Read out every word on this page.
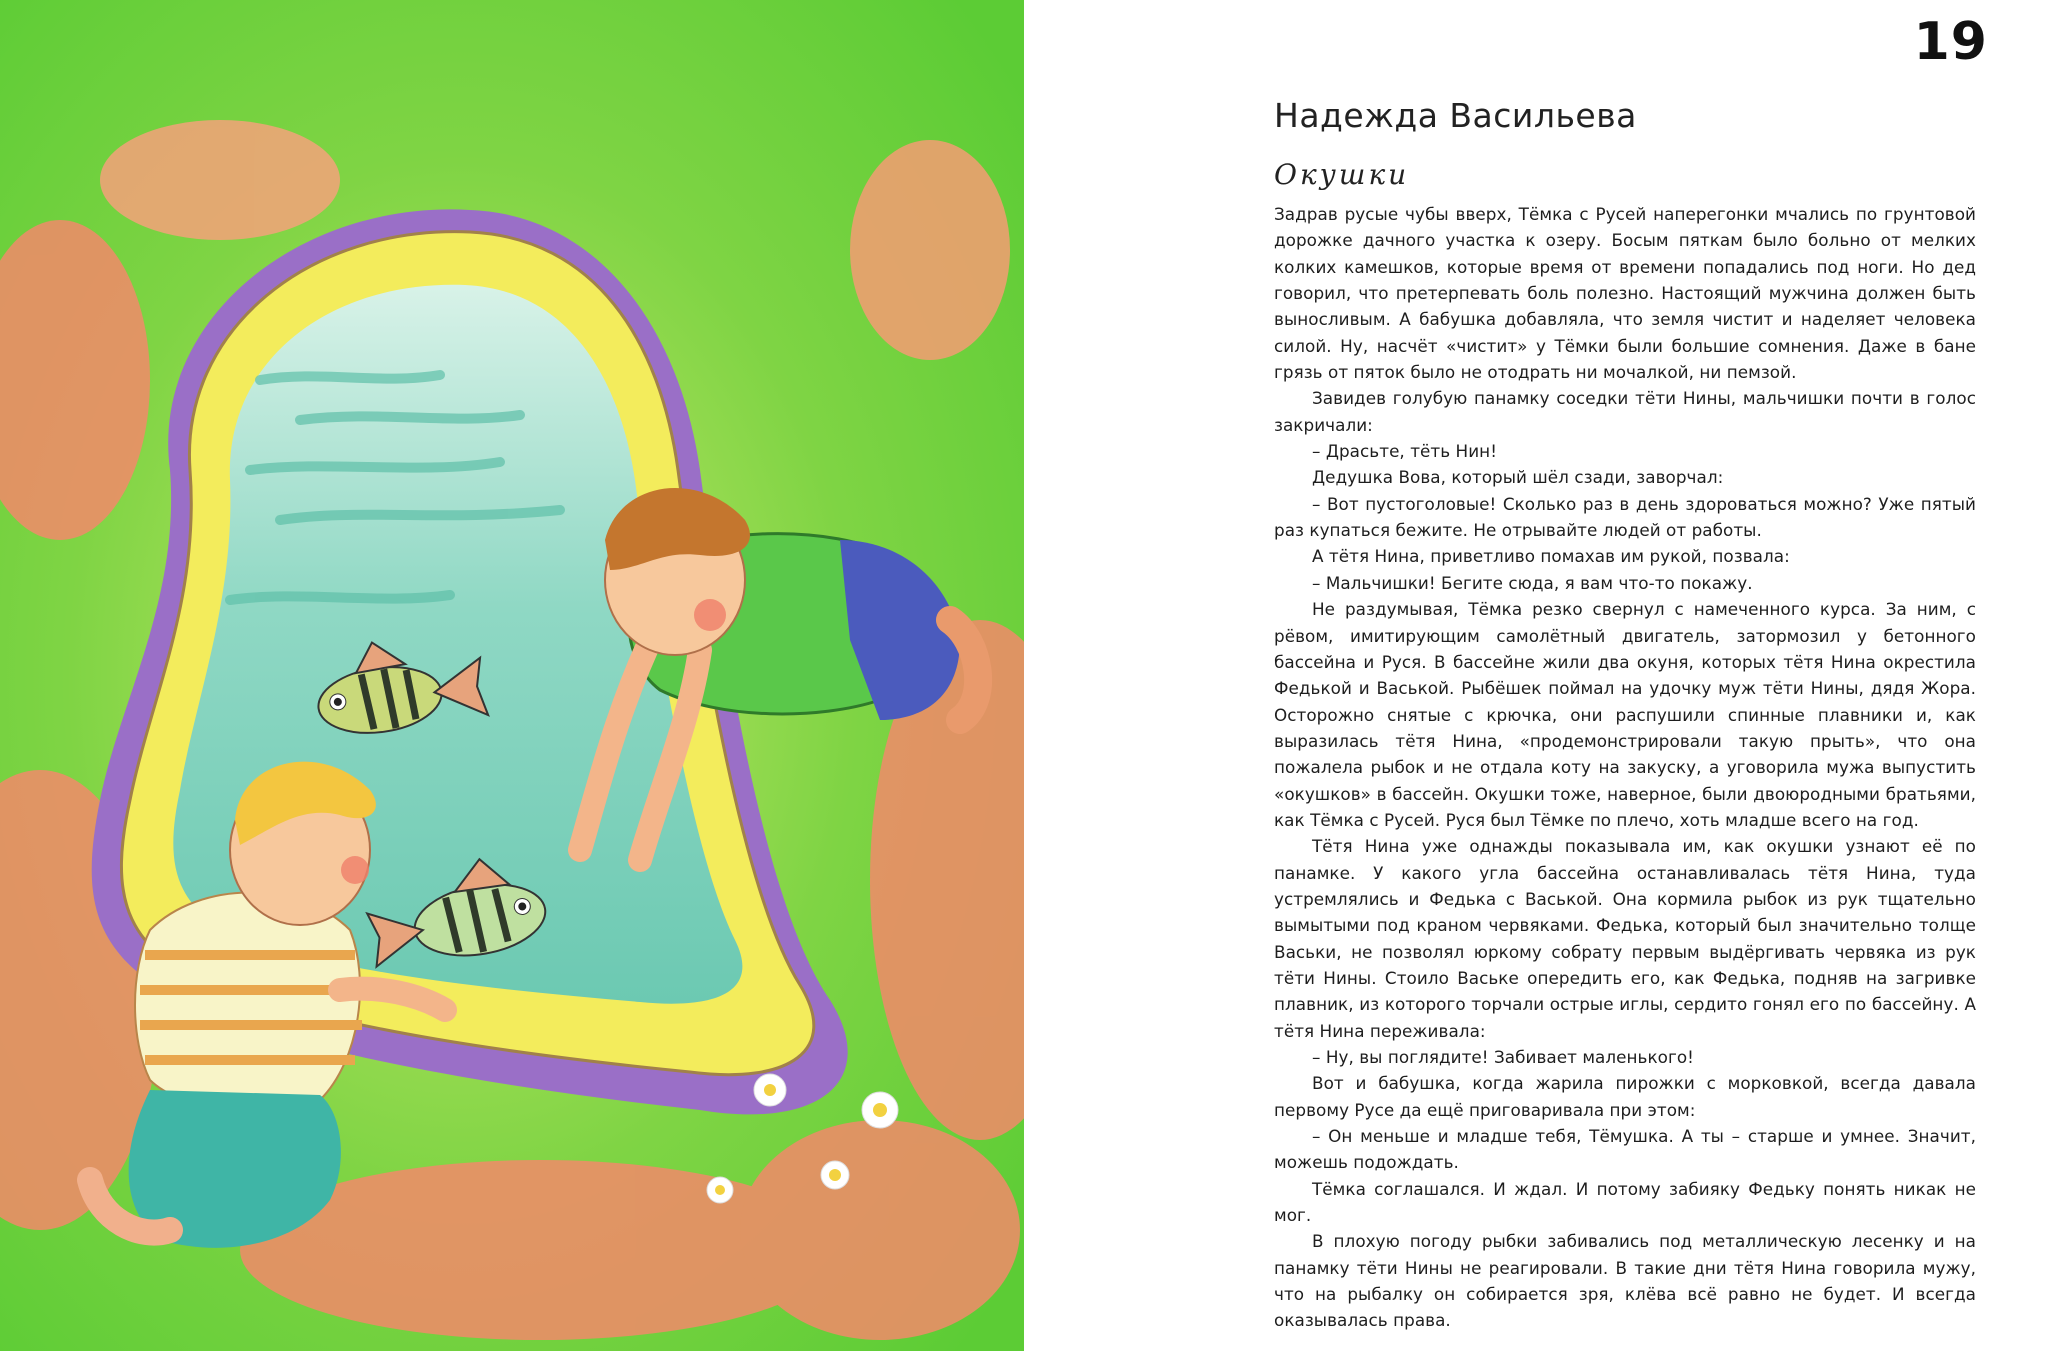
19
Надежда Васильева
Окушки

Задрав русые чубы вверх, Тёмка с Русей наперегонки мчались по грунтовой дорожке дачного участка к озеру. Босым пяткам было больно от мелких колких камешков, которые время от времени попадались под ноги. Но дед говорил, что претерпевать боль полезно. Настоящий мужчина должен быть выносливым. А бабушка добавляла, что земля чистит и наделяет человека силой. Ну, насчёт «чистит» у Тёмки были большие сомнения. Даже в бане грязь от пяток было не отодрать ни мочалкой, ни пемзой.

Завидев голубую панамку соседки тёти Нины, мальчишки почти в голос закричали:

– Драсьте, тёть Нин!

Дедушка Вова, который шёл сзади, заворчал:

– Вот пустоголовые! Сколько раз в день здороваться можно? Уже пятый раз купаться бежите. Не отрывайте людей от работы.

А тётя Нина, приветливо помахав им рукой, позвала:

– Мальчишки! Бегите сюда, я вам что-то покажу.

Не раздумывая, Тёмка резко свернул с намеченного курса. За ним, с рёвом, имитирующим самолётный двигатель, затормозил у бетонного бассейна и Руся. В бассейне жили два окуня, которых тётя Нина окрестила Федькой и Васькой. Рыбёшек поймал на удочку муж тёти Нины, дядя Жора. Осторожно снятые с крючка, они распушили спинные плавники и, как выразилась тётя Нина, «продемонстрировали такую прыть», что она пожалела рыбок и не отдала коту на закуску, а уговорила мужа выпустить «окушков» в бассейн. Окушки тоже, наверное, были двоюродными братьями, как Тёмка с Русей. Руся был Тёмке по плечо, хоть младше всего на год.

Тётя Нина уже однажды показывала им, как окушки узнают её по панамке. У какого угла бассейна останавливалась тётя Нина, туда устремлялись и Федька с Васькой. Она кормила рыбок из рук тщательно вымытыми под краном червяками. Федька, который был значительно толще Васьки, не позволял юркому собрату первым выдёргивать червяка из рук тёти Нины. Стоило Ваське опередить его, как Федька, подняв на загривке плавник, из которого торчали острые иглы, сердито гонял его по бассейну. А тётя Нина переживала:

– Ну, вы поглядите! Забивает маленького!

Вот и бабушка, когда жарила пирожки с морковкой, всегда давала первому Русе да ещё приговаривала при этом:

– Он меньше и младше тебя, Тёмушка. А ты – старше и умнее. Значит, можешь подождать.

Тёмка соглашался. И ждал. И потому забияку Федьку понять никак не мог.

В плохую погоду рыбки забивались под металлическую лесенку и на панамку тёти Нины не реагировали. В такие дни тётя Нина говорила мужу, что на рыбалку он собирается зря, клёва всё равно не будет. И всегда оказывалась права.
